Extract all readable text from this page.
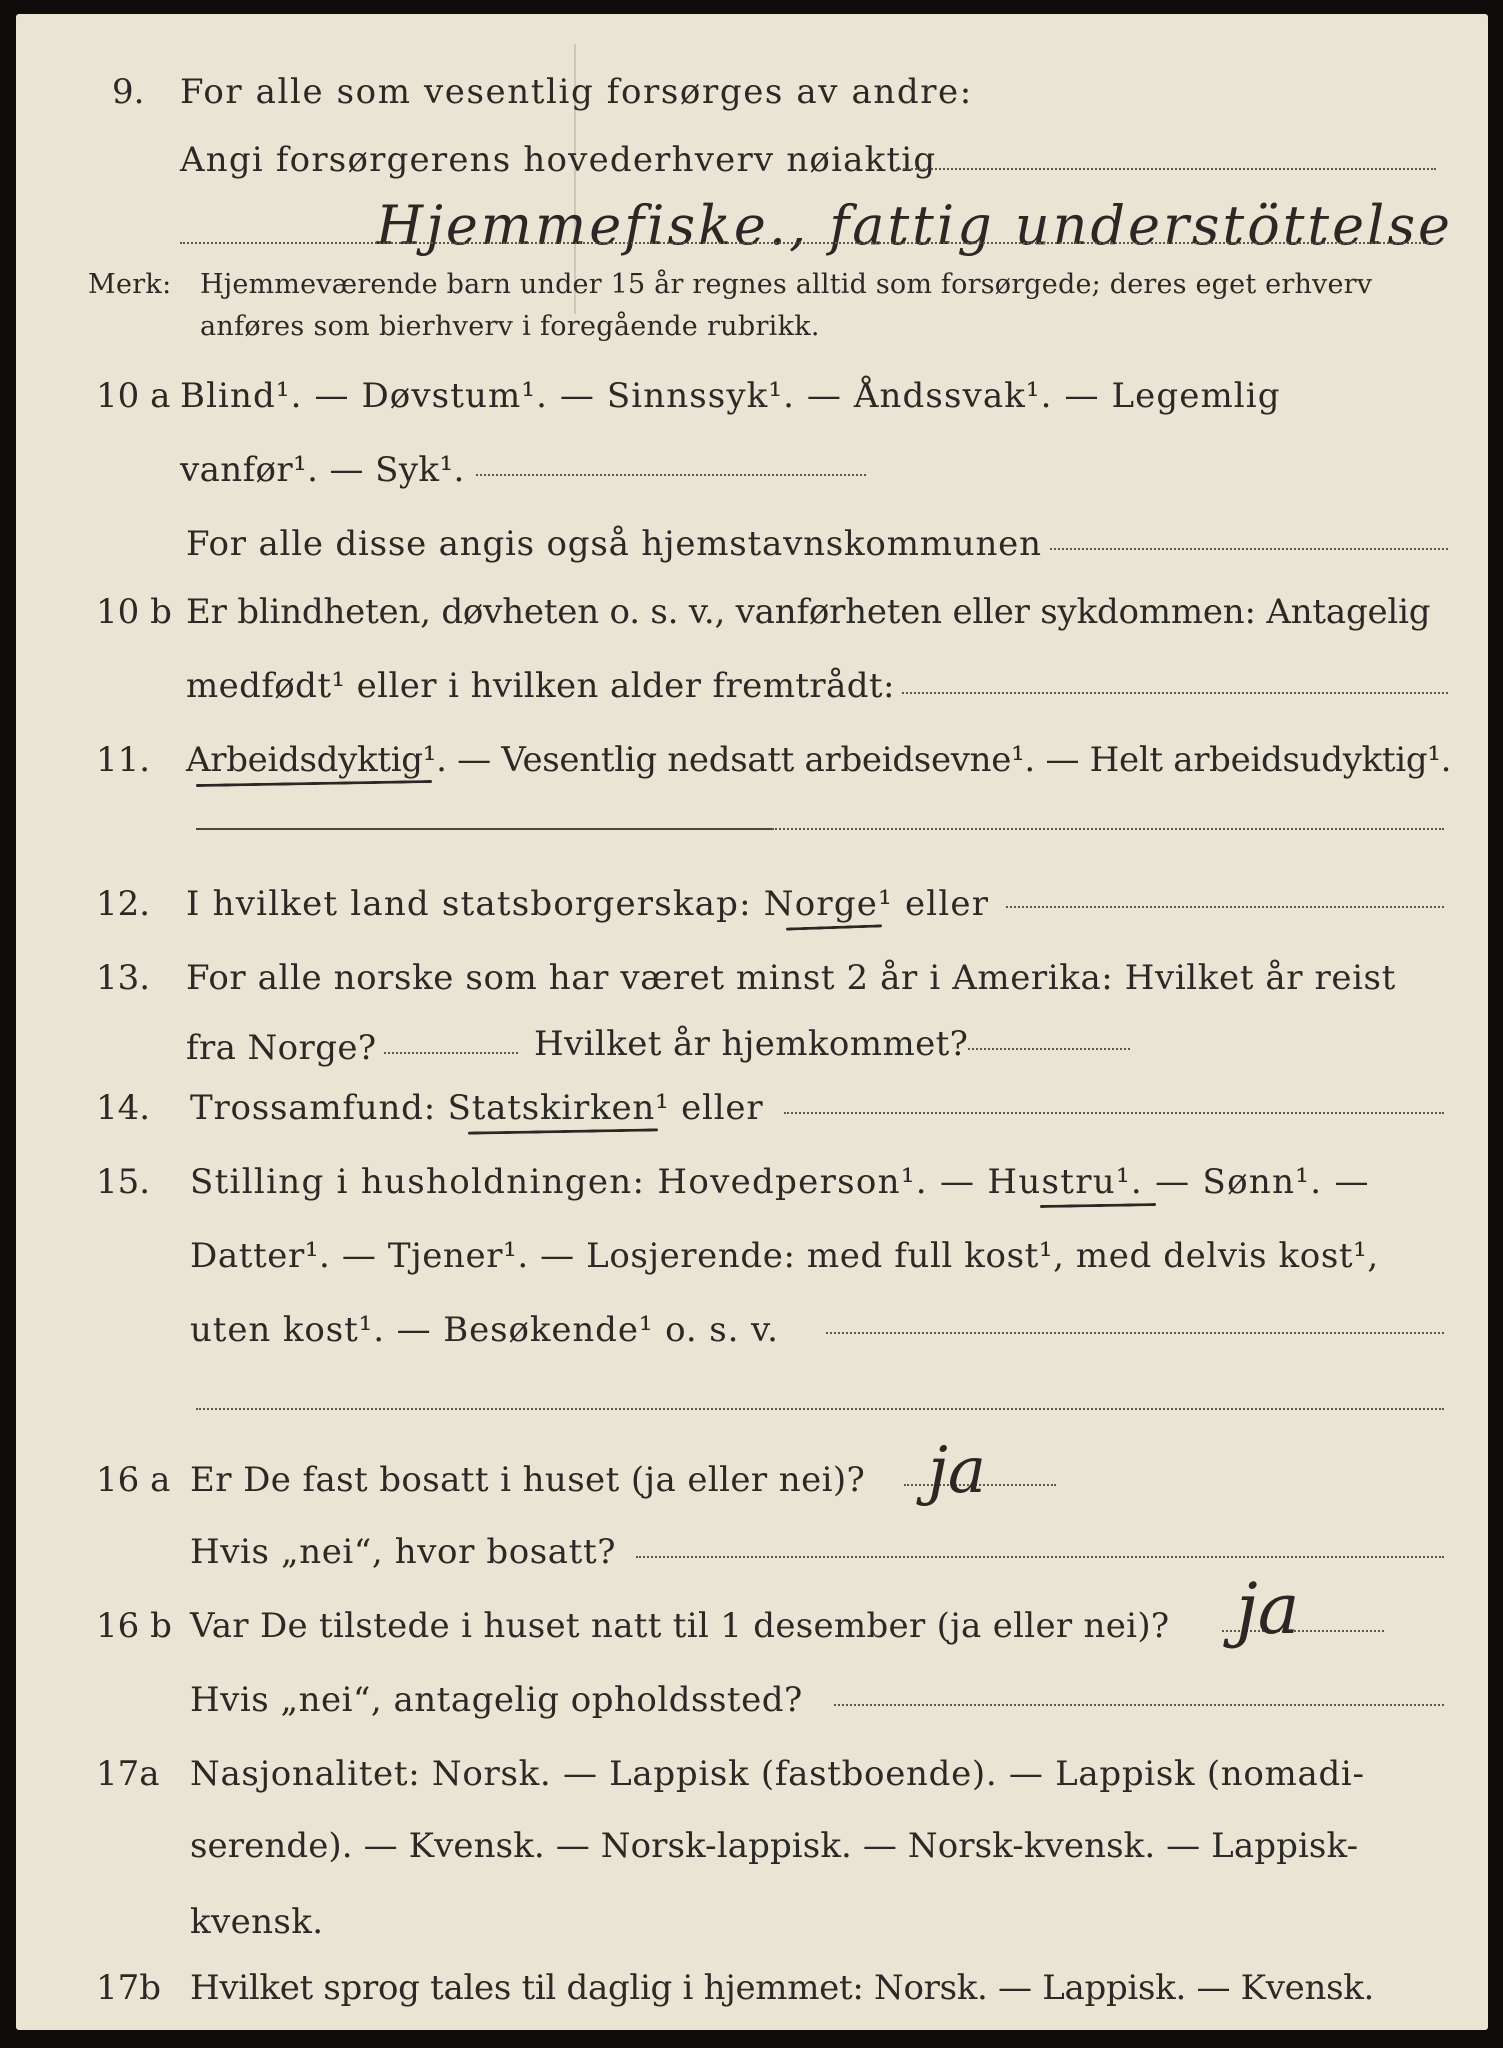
9. For alle som vesentlig forsørges av andre:
Angi forsørgerens hovederhverv nøiaktig
Hjemmefiske., fattig understöttelse
Merk: Hjemmeværende barn under 15 år regnes alltid som forsørgede; deres eget erhverv
anføres som bierhverv i foregående rubrikk.
10 a Blind¹. — Døvstum¹. — Sinnssyk¹. — Åndssvak¹. — Legemlig
vanfør¹. — Syk¹.
For alle disse angis også hjemstavnskommunen
10 b Er blindheten, døvheten o. s. v., vanførheten eller sykdommen: Antagelig
medfødt¹ eller i hvilken alder fremtrådt:
11. Arbeidsdyktig¹. — Vesentlig nedsatt arbeidsevne¹. — Helt arbeidsudyktig¹.
12. I hvilket land statsborgerskap: Norge¹ eller
13. For alle norske som har været minst 2 år i Amerika: Hvilket år reist
fra Norge?	Hvilket år hjemkommet?
14. Trossamfund: Statskirken¹ eller
15. Stilling i husholdningen: Hovedperson¹. — Hustru¹. — Sønn¹. —
Datter¹. — Tjener¹. — Losjerende: med full kost¹, med delvis kost¹,
uten kost¹. — Besøkende¹ o. s. v.
16 a Er De fast bosatt i huset (ja eller nei)? ja
Hvis „nei“, hvor bosatt?
16 b Var De tilstede i huset natt til 1 desember (ja eller nei)? ja
Hvis „nei“, antagelig opholdssted?
17a Nasjonalitet: Norsk. — Lappisk (fastboende). — Lappisk (nomadi-
serende). — Kvensk. — Norsk-lappisk. — Norsk-kvensk. — Lappisk-
kvensk.
17b Hvilket sprog tales til daglig i hjemmet: Norsk. — Lappisk. — Kvensk.
